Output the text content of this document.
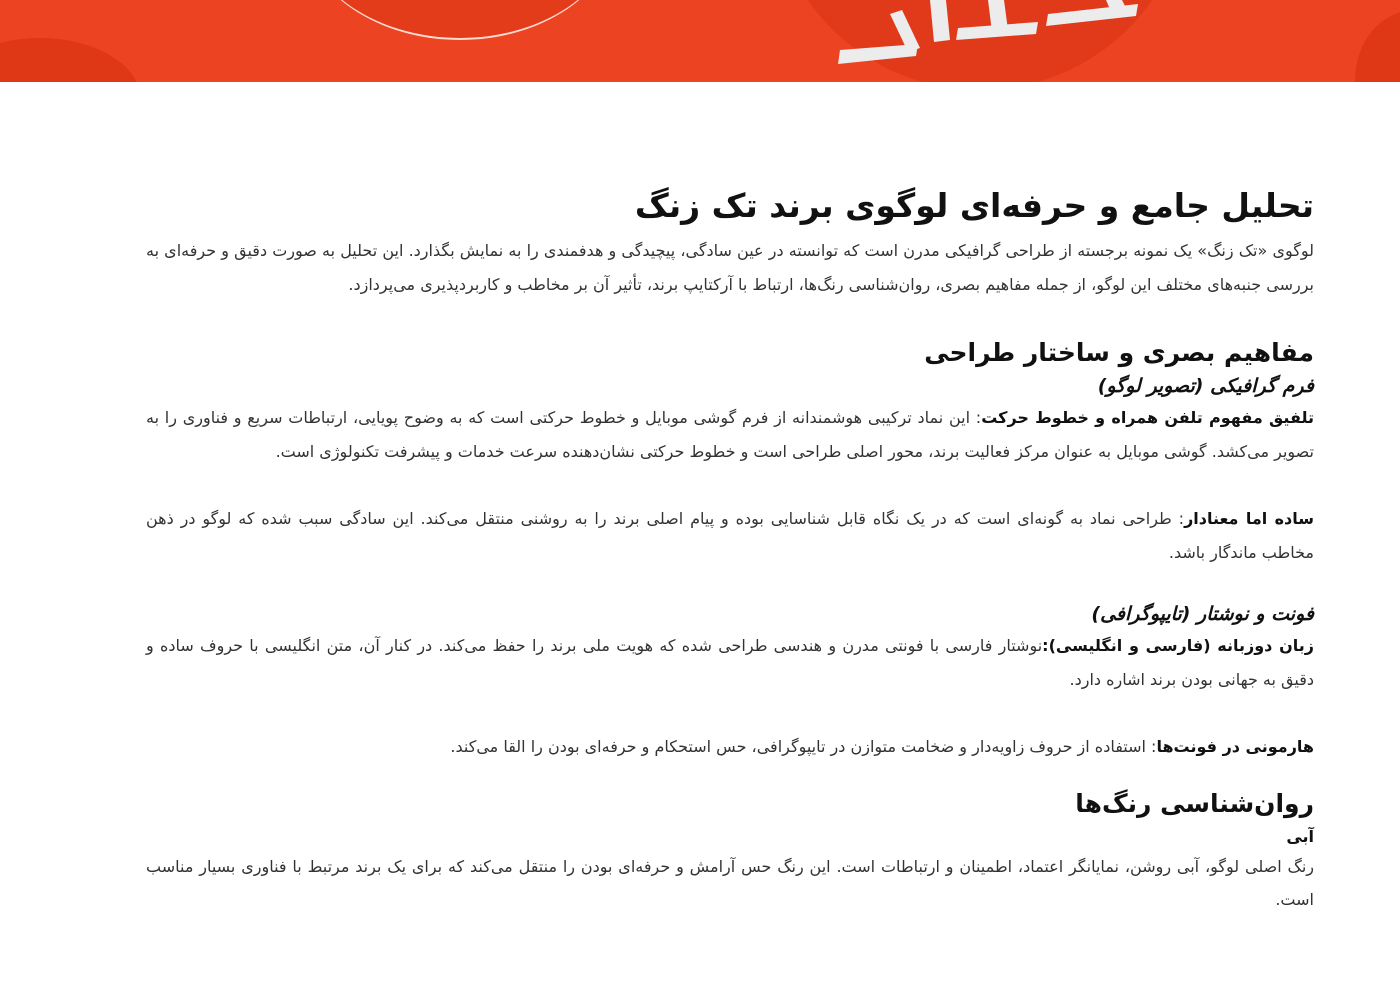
تحلیل جامع و حرفه‌ای لوگوی برند تک زنگ

لوگوی «تک زنگ» یک نمونه برجسته از طراحی گرافیکی مدرن است که توانسته در عین سادگی، پیچیدگی و هدفمندی را به نمایش بگذارد. این تحلیل به صورت دقیق و حرفه‌ای به بررسی جنبه‌های مختلف این لوگو، از جمله مفاهیم بصری، روان‌شناسی رنگ‌ها، ارتباط با آرکتایپ برند، تأثیر آن بر مخاطب و کاربردپذیری می‌پردازد.

مفاهیم بصری و ساختار طراحی
فرم گرافیکی (تصویر لوگو)

تلفیق مفهوم تلفن همراه و خطوط حرکت: این نماد ترکیبی هوشمندانه از فرم گوشی موبایل و خطوط حرکتی است که به وضوح پویایی، ارتباطات سریع و فناوری را به تصویر می‌کشد. گوشی موبایل به عنوان مرکز فعالیت برند، محور اصلی طراحی است و خطوط حرکتی نشان‌دهنده سرعت خدمات و پیشرفت تکنولوژی است.

ساده اما معنادار: طراحی نماد به گونه‌ای است که در یک نگاه قابل شناسایی بوده و پیام اصلی برند را به روشنی منتقل می‌کند. این سادگی سبب شده که لوگو در ذهن مخاطب ماندگار باشد.

فونت و نوشتار (تایپوگرافی)

زبان دوزبانه (فارسی و انگلیسی):نوشتار فارسی با فونتی مدرن و هندسی طراحی شده که هویت ملی برند را حفظ می‌کند. در کنار آن، متن انگلیسی با حروف ساده و دقیق به جهانی بودن برند اشاره دارد.

هارمونی در فونت‌ها: استفاده از حروف زاویه‌دار و ضخامت متوازن در تایپوگرافی، حس استحکام و حرفه‌ای بودن را القا می‌کند.

روان‌شناسی رنگ‌ها
آبی

رنگ اصلی لوگو، آبی روشن، نمایانگر اعتماد، اطمینان و ارتباطات است. این رنگ حس آرامش و حرفه‌ای بودن را منتقل می‌کند که برای یک برند مرتبط با فناوری بسیار مناسب است.
